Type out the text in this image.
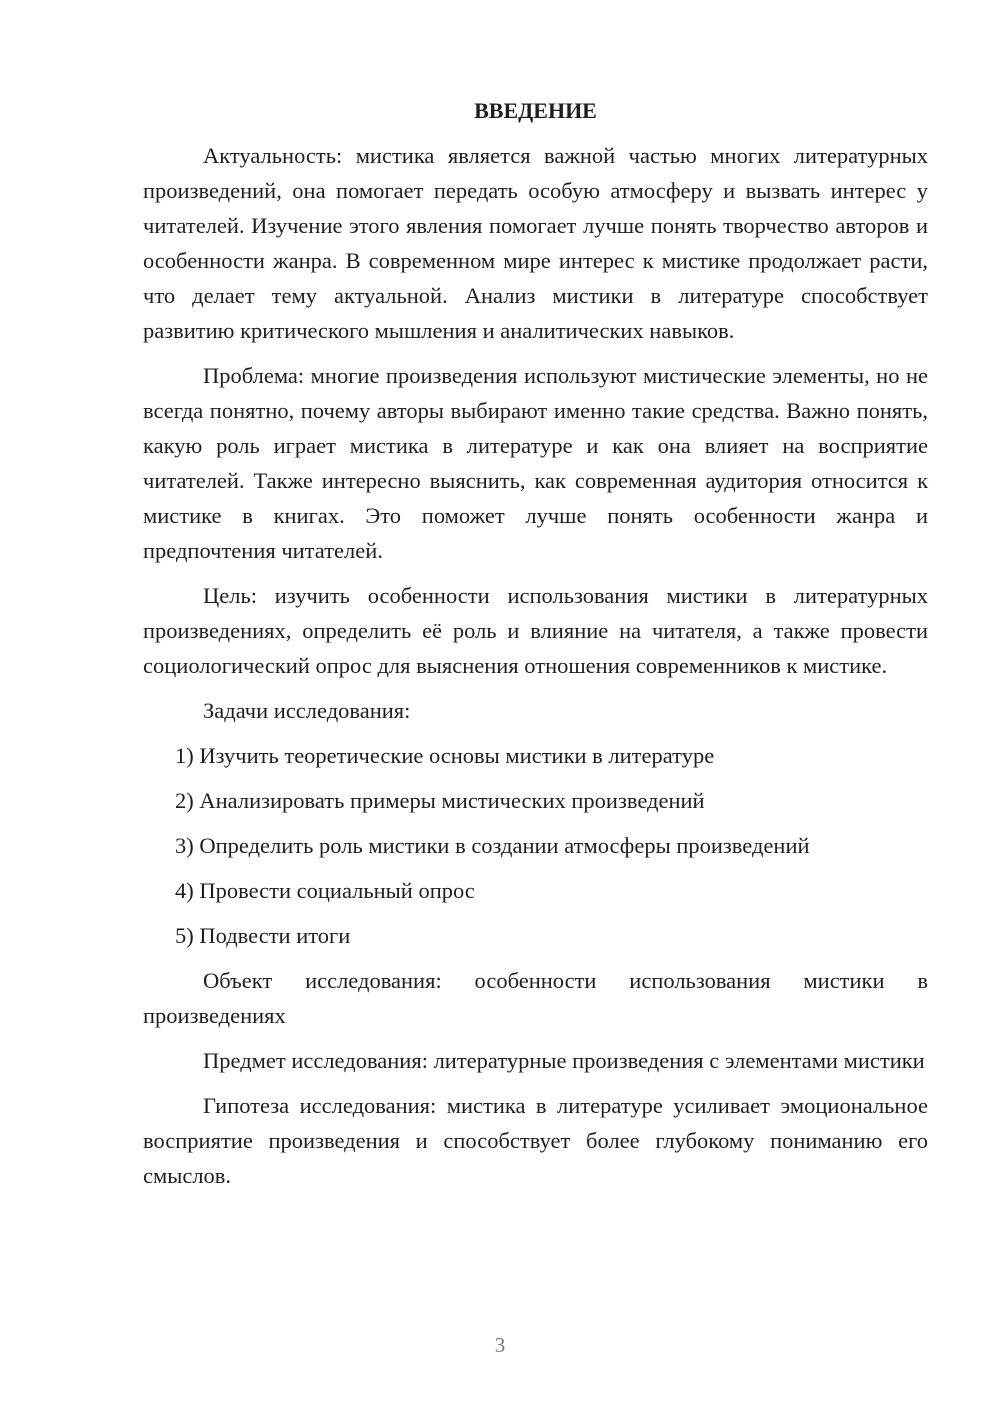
ВВЕДЕНИЕ

Актуальность: мистика является важной частью многих литературных произведений, она помогает передать особую атмосферу и вызвать интерес у читателей. Изучение этого явления помогает лучше понять творчество авторов и особенности жанра. В современном мире интерес к мистике продолжает расти, что делает тему актуальной. Анализ мистики в литературе способствует развитию критического мышления и аналитических навыков.

Проблема: многие произведения используют мистические элементы, но не всегда понятно, почему авторы выбирают именно такие средства. Важно понять, какую роль играет мистика в литературе и как она влияет на восприятие читателей. Также интересно выяснить, как современная аудитория относится к мистике в книгах. Это поможет лучше понять особенности жанра и предпочтения читателей.

Цель: изучить особенности использования мистики в литературных произведениях, определить её роль и влияние на читателя, а также провести социологический опрос для выяснения отношения современников к мистике.

Задачи исследования:

1) Изучить теоретические основы мистики в литературе

2) Анализировать примеры мистических произведений

3) Определить роль мистики в создании атмосферы произведений

4) Провести социальный опрос

5) Подвести итоги

Объект исследования: особенности использования мистики в произведениях

Предмет исследования: литературные произведения с элементами мистики

Гипотеза исследования: мистика в литературе усиливает эмоциональное восприятие произведения и способствует более глубокому пониманию его смыслов.

3
